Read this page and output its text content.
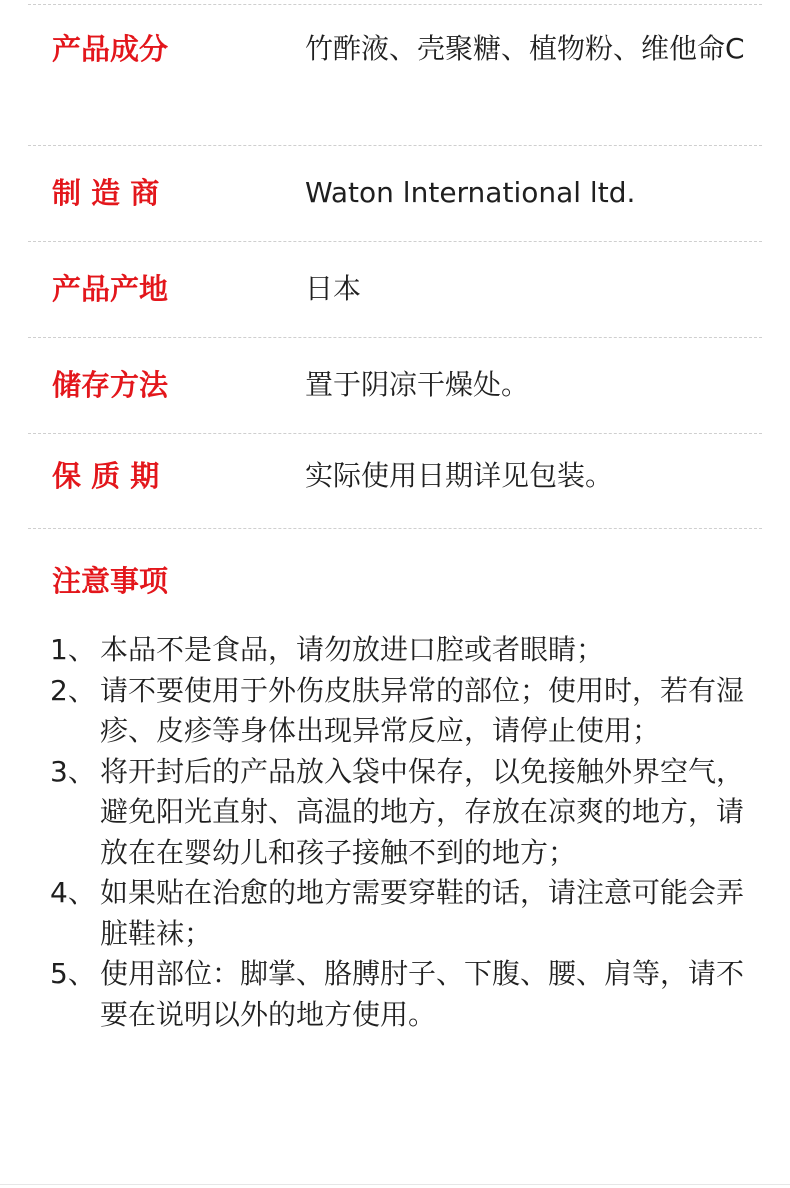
产品成分	竹酢液、壳聚糖、植物粉、维他命C
制 造 商	Waton lnternational ltd.
产品产地	日本
储存方法	置于阴凉干燥处。
保 质 期	实际使用日期详见包装。
注意事项
1、 本品不是食品，请勿放进口腔或者眼睛；
2、 请不要使用于外伤皮肤异常的部位；使用时，若有湿疹、皮疹等身体出现异常反应，请停止使用；
3、 将开封后的产品放入袋中保存，以免接触外界空气，避免阳光直射、高温的地方，存放在凉爽的地方，请放在在婴幼儿和孩子接触不到的地方；
4、 如果贴在治愈的地方需要穿鞋的话，请注意可能会弄脏鞋袜；
5、 使用部位：脚掌、胳膊肘子、下腹、腰、肩等，请不要在说明以外的地方使用。
